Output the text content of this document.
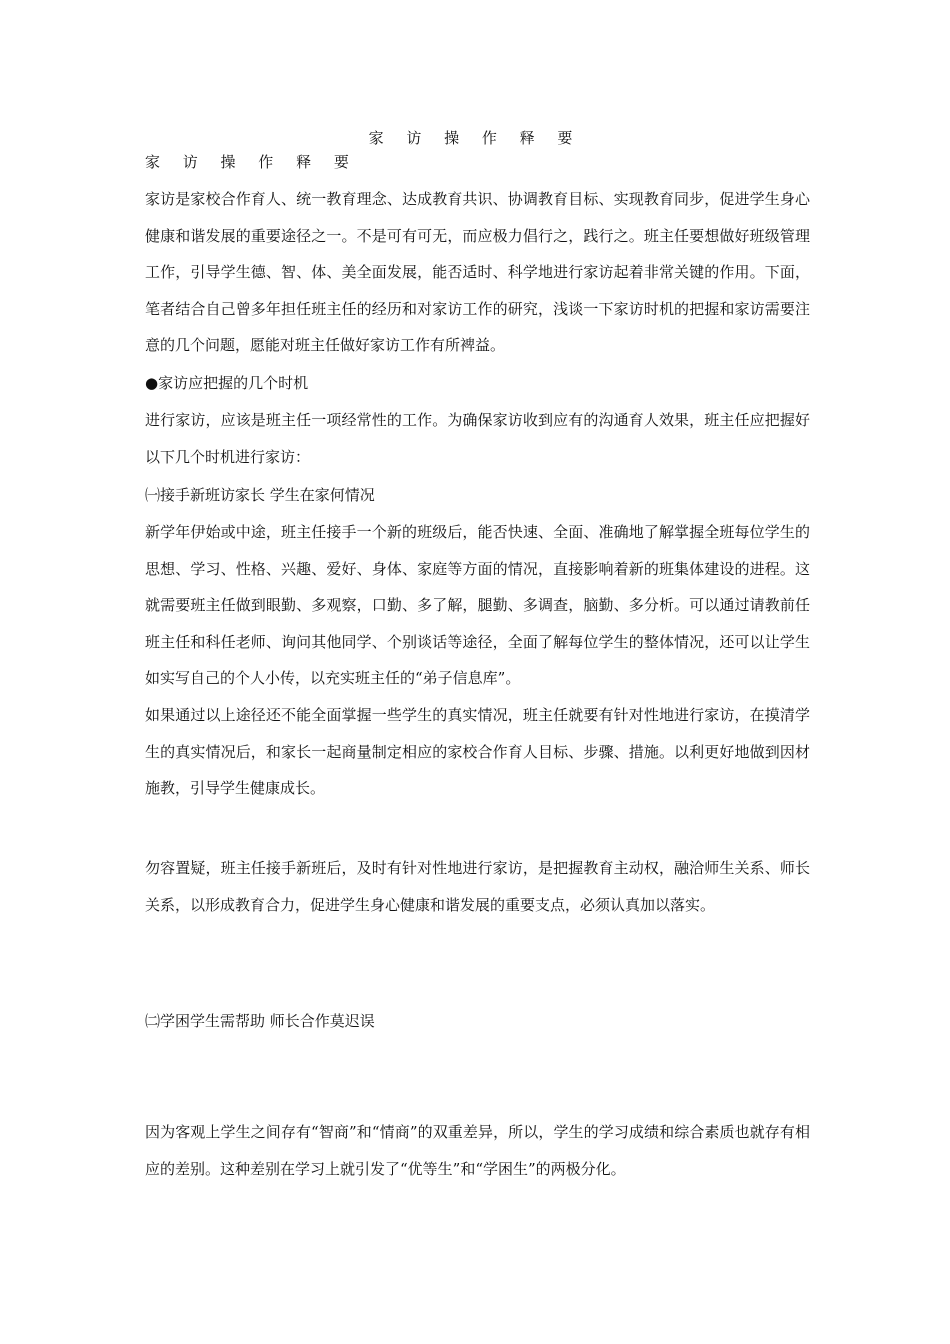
家 访 操 作 释 要
家 访 操 作 释 要
家访是家校合作育人、统一教育理念、达成教育共识、协调教育目标、实现教育同步，促进学生身心健康和谐发展的重要途径之一。不是可有可无，而应极力倡行之，践行之。班主任要想做好班级管理工作，引导学生德、智、体、美全面发展，能否适时、科学地进行家访起着非常关键的作用。下面，笔者结合自己曾多年担任班主任的经历和对家访工作的研究，浅谈一下家访时机的把握和家访需要注意的几个问题，愿能对班主任做好家访工作有所裨益。
●家访应把握的几个时机
进行家访，应该是班主任一项经常性的工作。为确保家访收到应有的沟通育人效果，班主任应把握好以下几个时机进行家访：
㈠接手新班访家长 学生在家何情况
新学年伊始或中途，班主任接手一个新的班级后，能否快速、全面、准确地了解掌握全班每位学生的思想、学习、性格、兴趣、爱好、身体、家庭等方面的情况，直接影响着新的班集体建设的进程。这就需要班主任做到眼勤、多观察，口勤、多了解，腿勤、多调查，脑勤、多分析。可以通过请教前任班主任和科任老师、询问其他同学、个别谈话等途径，全面了解每位学生的整体情况，还可以让学生如实写自己的个人小传，以充实班主任的“弟子信息库”。
如果通过以上途径还不能全面掌握一些学生的真实情况，班主任就要有针对性地进行家访，在摸清学生的真实情况后，和家长一起商量制定相应的家校合作育人目标、步骤、措施。以利更好地做到因材施教，引导学生健康成长。
勿容置疑，班主任接手新班后，及时有针对性地进行家访，是把握教育主动权，融洽师生关系、师长关系，以形成教育合力，促进学生身心健康和谐发展的重要支点，必须认真加以落实。
㈡学困学生需帮助 师长合作莫迟误
因为客观上学生之间存有“智商”和“情商”的双重差异，所以，学生的学习成绩和综合素质也就存有相应的差别。这种差别在学习上就引发了“优等生”和“学困生”的两极分化。
